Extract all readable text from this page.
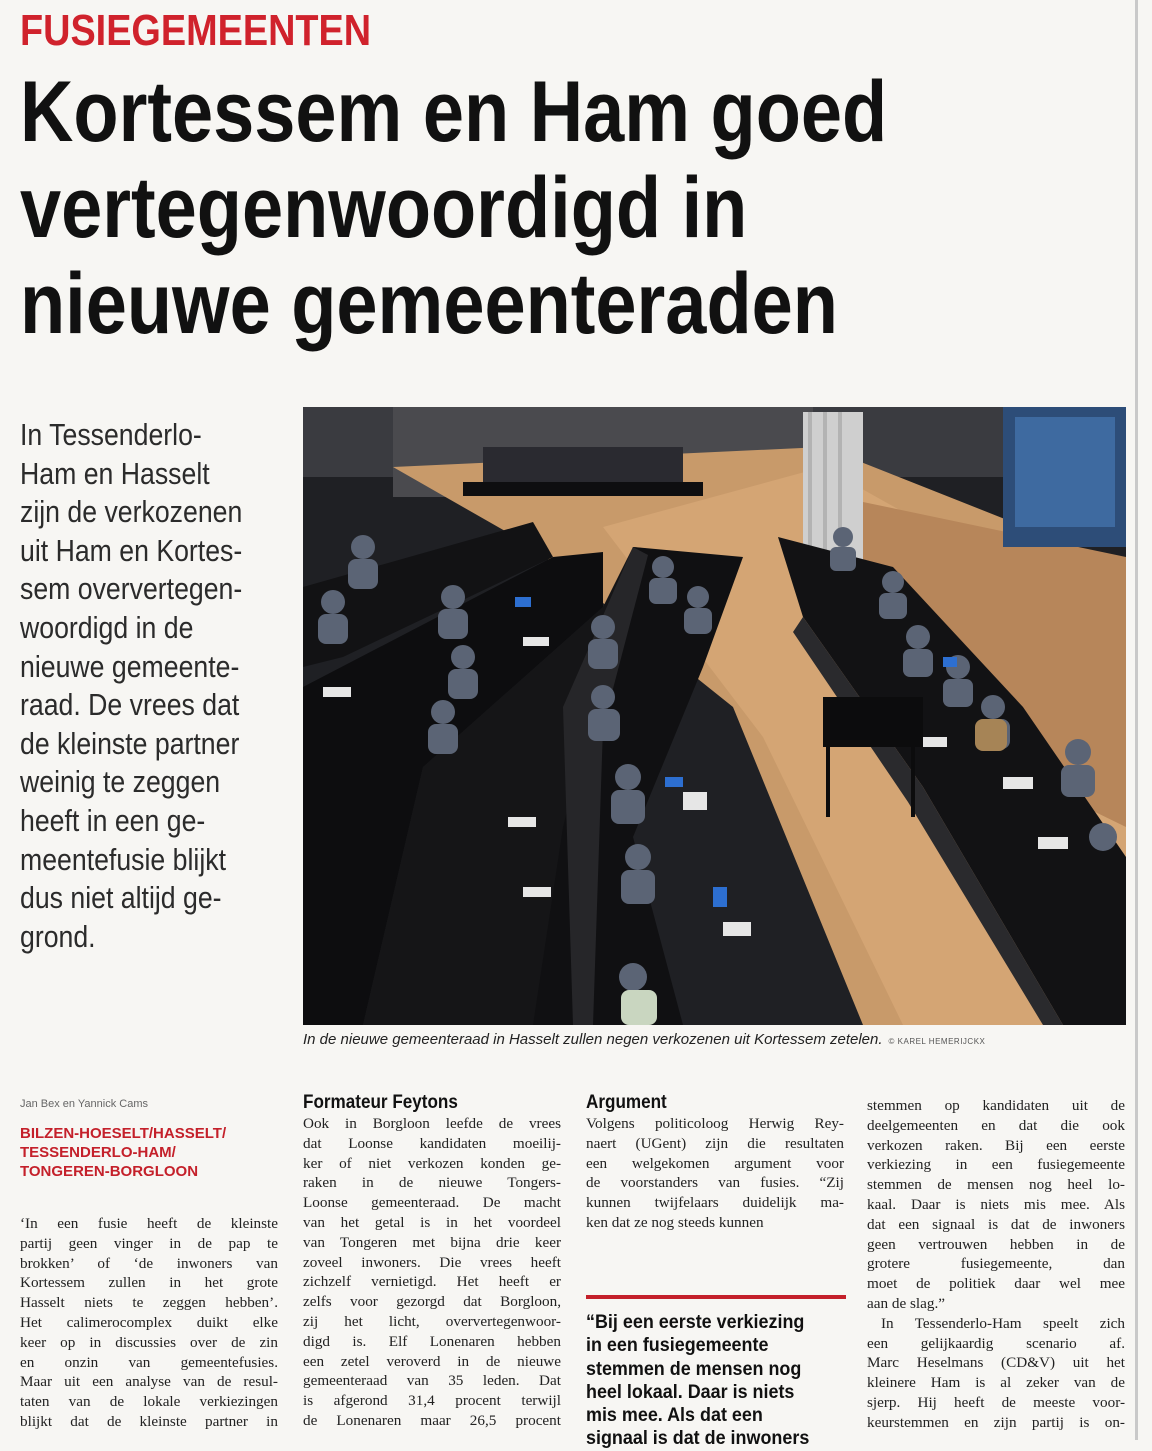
FUSIEGEMEENTEN
Kortessem en Ham goed
vertegenwoordigd in
nieuwe gemeenteraden
In Tessenderlo-
Ham en Hasselt
zijn de verkozenen
uit Ham en Kortes-
sem oververtegen-
woordigd in de
nieuwe gemeente-
raad. De vrees dat
de kleinste partner
weinig te zeggen
heeft in een ge-
meentefusie blijkt
dus niet altijd ge-
grond.
In de nieuwe gemeenteraad in Hasselt zullen negen verkozenen uit Kortessem zetelen. © KAREL HEMERIJCKX
Jan Bex en Yannick Cams
BILZEN-HOESELT/HASSELT/
TESSENDERLO-HAM/
TONGEREN-BORGLOON
‘In een fusie heeft de kleinste
partij geen vinger in de pap te
brokken’ of ‘de inwoners van
Kortessem zullen in het grote
Hasselt niets te zeggen hebben’.
Het calimerocomplex duikt elke
keer op in discussies over de zin
en onzin van gemeentefusies.
Maar uit een analyse van de resul-
taten van de lokale verkiezingen
blijkt dat de kleinste partner in
Formateur Feytons
Ook in Borgloon leefde de vrees
dat Loonse kandidaten moeilij-
ker of niet verkozen konden ge-
raken in de nieuwe Tongers-
Loonse gemeenteraad. De macht
van het getal is in het voordeel
van Tongeren met bijna drie keer
zoveel inwoners. Die vrees heeft
zichzelf vernietigd. Het heeft er
zelfs voor gezorgd dat Borgloon,
zij het licht, oververtegenwoor-
digd is. Elf Lonenaren hebben
een zetel veroverd in de nieuwe
gemeenteraad van 35 leden. Dat
is afgerond 31,4 procent terwijl
de Lonenaren maar 26,5 procent
Argument
Volgens politicoloog Herwig Rey-
naert (UGent) zijn die resultaten
een welgekomen argument voor
de voorstanders van fusies. “Zij
kunnen twijfelaars duidelijk ma-
ken dat ze nog steeds kunnen
“Bij een eerste verkiezing
in een fusiegemeente
stemmen de mensen nog
heel lokaal. Daar is niets
mis mee. Als dat een
signaal is dat de inwoners
stemmen op kandidaten uit de
deelgemeenten en dat die ook
verkozen raken. Bij een eerste
verkiezing in een fusiegemeente
stemmen de mensen nog heel lo-
kaal. Daar is niets mis mee. Als
dat een signaal is dat de inwoners
geen vertrouwen hebben in de
grotere fusiegemeente, dan
moet de politiek daar wel mee
aan de slag.”
In Tessenderlo-Ham speelt zich
een gelijkaardig scenario af.
Marc Heselmans (CD&V) uit het
kleinere Ham is al zeker van de
sjerp. Hij heeft de meeste voor-
keurstemmen en zijn partij is on-
